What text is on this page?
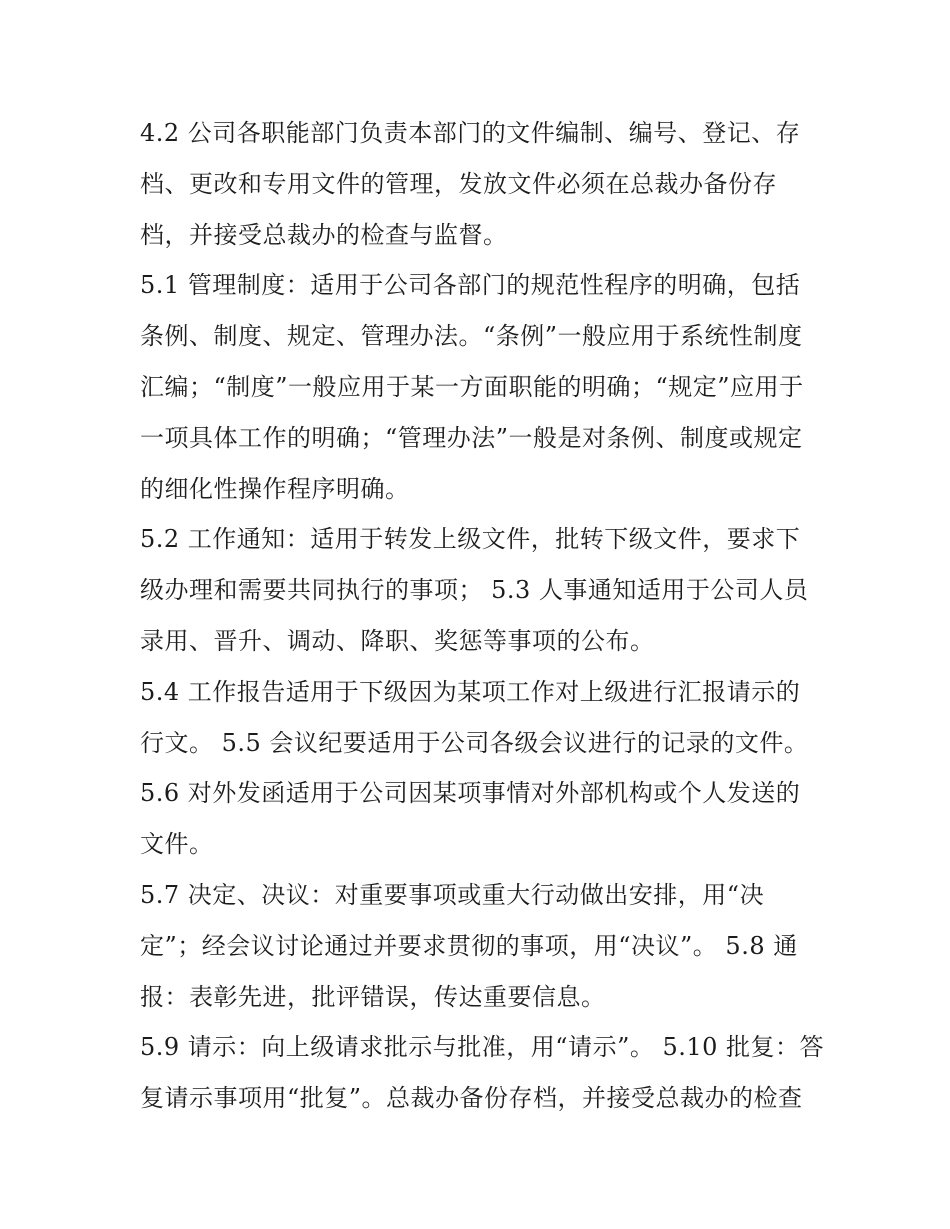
4.2 公司各职能部门负责本部门的文件编制、编号、登记、存
档、更改和专用文件的管理，发放文件必须在总裁办备份存
档，并接受总裁办的检查与监督。
5.1 管理制度：适用于公司各部门的规范性程序的明确，包括
条例、制度、规定、管理办法。“条例”一般应用于系统性制度
汇编；“制度”一般应用于某一方面职能的明确；“规定”应用于
一项具体工作的明确；“管理办法”一般是对条例、制度或规定
的细化性操作程序明确。
5.2 工作通知：适用于转发上级文件，批转下级文件，要求下
级办理和需要共同执行的事项； 5.3 人事通知适用于公司人员
录用、晋升、调动、降职、奖惩等事项的公布。
5.4 工作报告适用于下级因为某项工作对上级进行汇报请示的
行文。 5.5 会议纪要适用于公司各级会议进行的记录的文件。
5.6 对外发函适用于公司因某项事情对外部机构或个人发送的
文件。
5.7 决定、决议：对重要事项或重大行动做出安排，用“决
定”；经会议讨论通过并要求贯彻的事项，用“决议”。 5.8 通
报：表彰先进，批评错误，传达重要信息。
5.9 请示：向上级请求批示与批准，用“请示”。 5.10 批复：答
复请示事项用“批复”。总裁办备份存档，并接受总裁办的检查
